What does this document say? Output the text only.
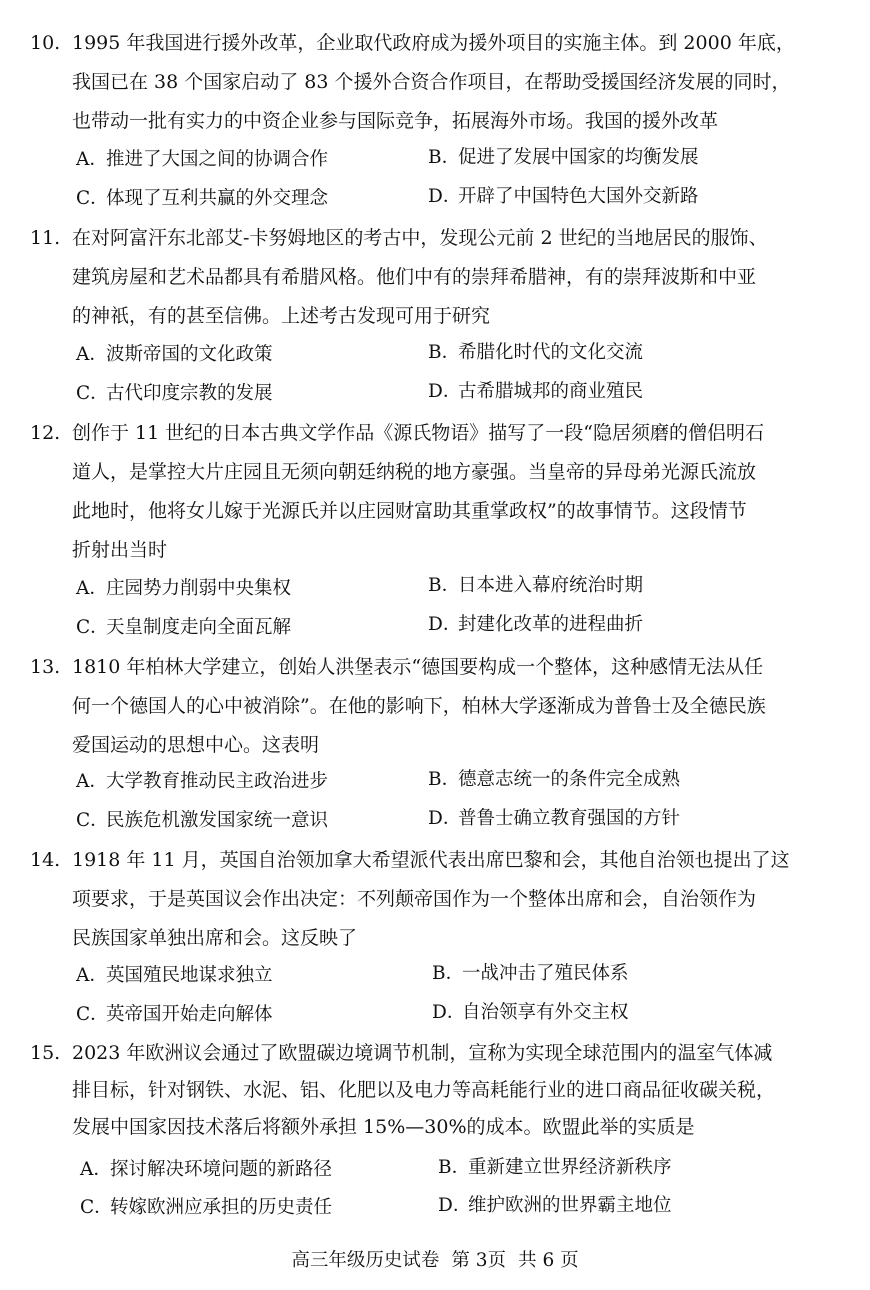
10. 1995 年我国进行援外改革，企业取代政府成为援外项目的实施主体。到 2000 年底，
我国已在 38 个国家启动了 83 个援外合资合作项目，在帮助受援国经济发展的同时，
也带动一批有实力的中资企业参与国际竞争，拓展海外市场。我国的援外改革
A．推进了大国之间的协调合作	B．促进了发展中国家的均衡发展
C．体现了互利共赢的外交理念	D．开辟了中国特色大国外交新路
11. 在对阿富汗东北部艾-卡努姆地区的考古中，发现公元前 2 世纪的当地居民的服饰、
建筑房屋和艺术品都具有希腊风格。他们中有的崇拜希腊神，有的崇拜波斯和中亚
的神祇，有的甚至信佛。上述考古发现可用于研究
A．波斯帝国的文化政策	B．希腊化时代的文化交流
C．古代印度宗教的发展	D．古希腊城邦的商业殖民
12. 创作于 11 世纪的日本古典文学作品《源氏物语》描写了一段“隐居须磨的僧侣明石
道人，是掌控大片庄园且无须向朝廷纳税的地方豪强。当皇帝的异母弟光源氏流放
此地时，他将女儿嫁于光源氏并以庄园财富助其重掌政权”的故事情节。这段情节
折射出当时
A．庄园势力削弱中央集权	B．日本进入幕府统治时期
C．天皇制度走向全面瓦解	D．封建化改革的进程曲折
13. 1810 年柏林大学建立，创始人洪堡表示“德国要构成一个整体，这种感情无法从任
何一个德国人的心中被消除”。在他的影响下，柏林大学逐渐成为普鲁士及全德民族
爱国运动的思想中心。这表明
A．大学教育推动民主政治进步	B．德意志统一的条件完全成熟
C．民族危机激发国家统一意识	D．普鲁士确立教育强国的方针
14. 1918 年 11 月，英国自治领加拿大希望派代表出席巴黎和会，其他自治领也提出了这
项要求，于是英国议会作出决定：不列颠帝国作为一个整体出席和会，自治领作为
民族国家单独出席和会。这反映了
A．英国殖民地谋求独立	B．一战冲击了殖民体系
C．英帝国开始走向解体	D．自治领享有外交主权
15. 2023 年欧洲议会通过了欧盟碳边境调节机制，宣称为实现全球范围内的温室气体减
排目标，针对钢铁、水泥、铝、化肥以及电力等高耗能行业的进口商品征收碳关税，
发展中国家因技术落后将额外承担 15%—30%的成本。欧盟此举的实质是
A．探讨解决环境问题的新路径	B．重新建立世界经济新秩序
C．转嫁欧洲应承担的历史责任	D．维护欧洲的世界霸主地位
高三年级历史试卷 第 3页 共 6 页
